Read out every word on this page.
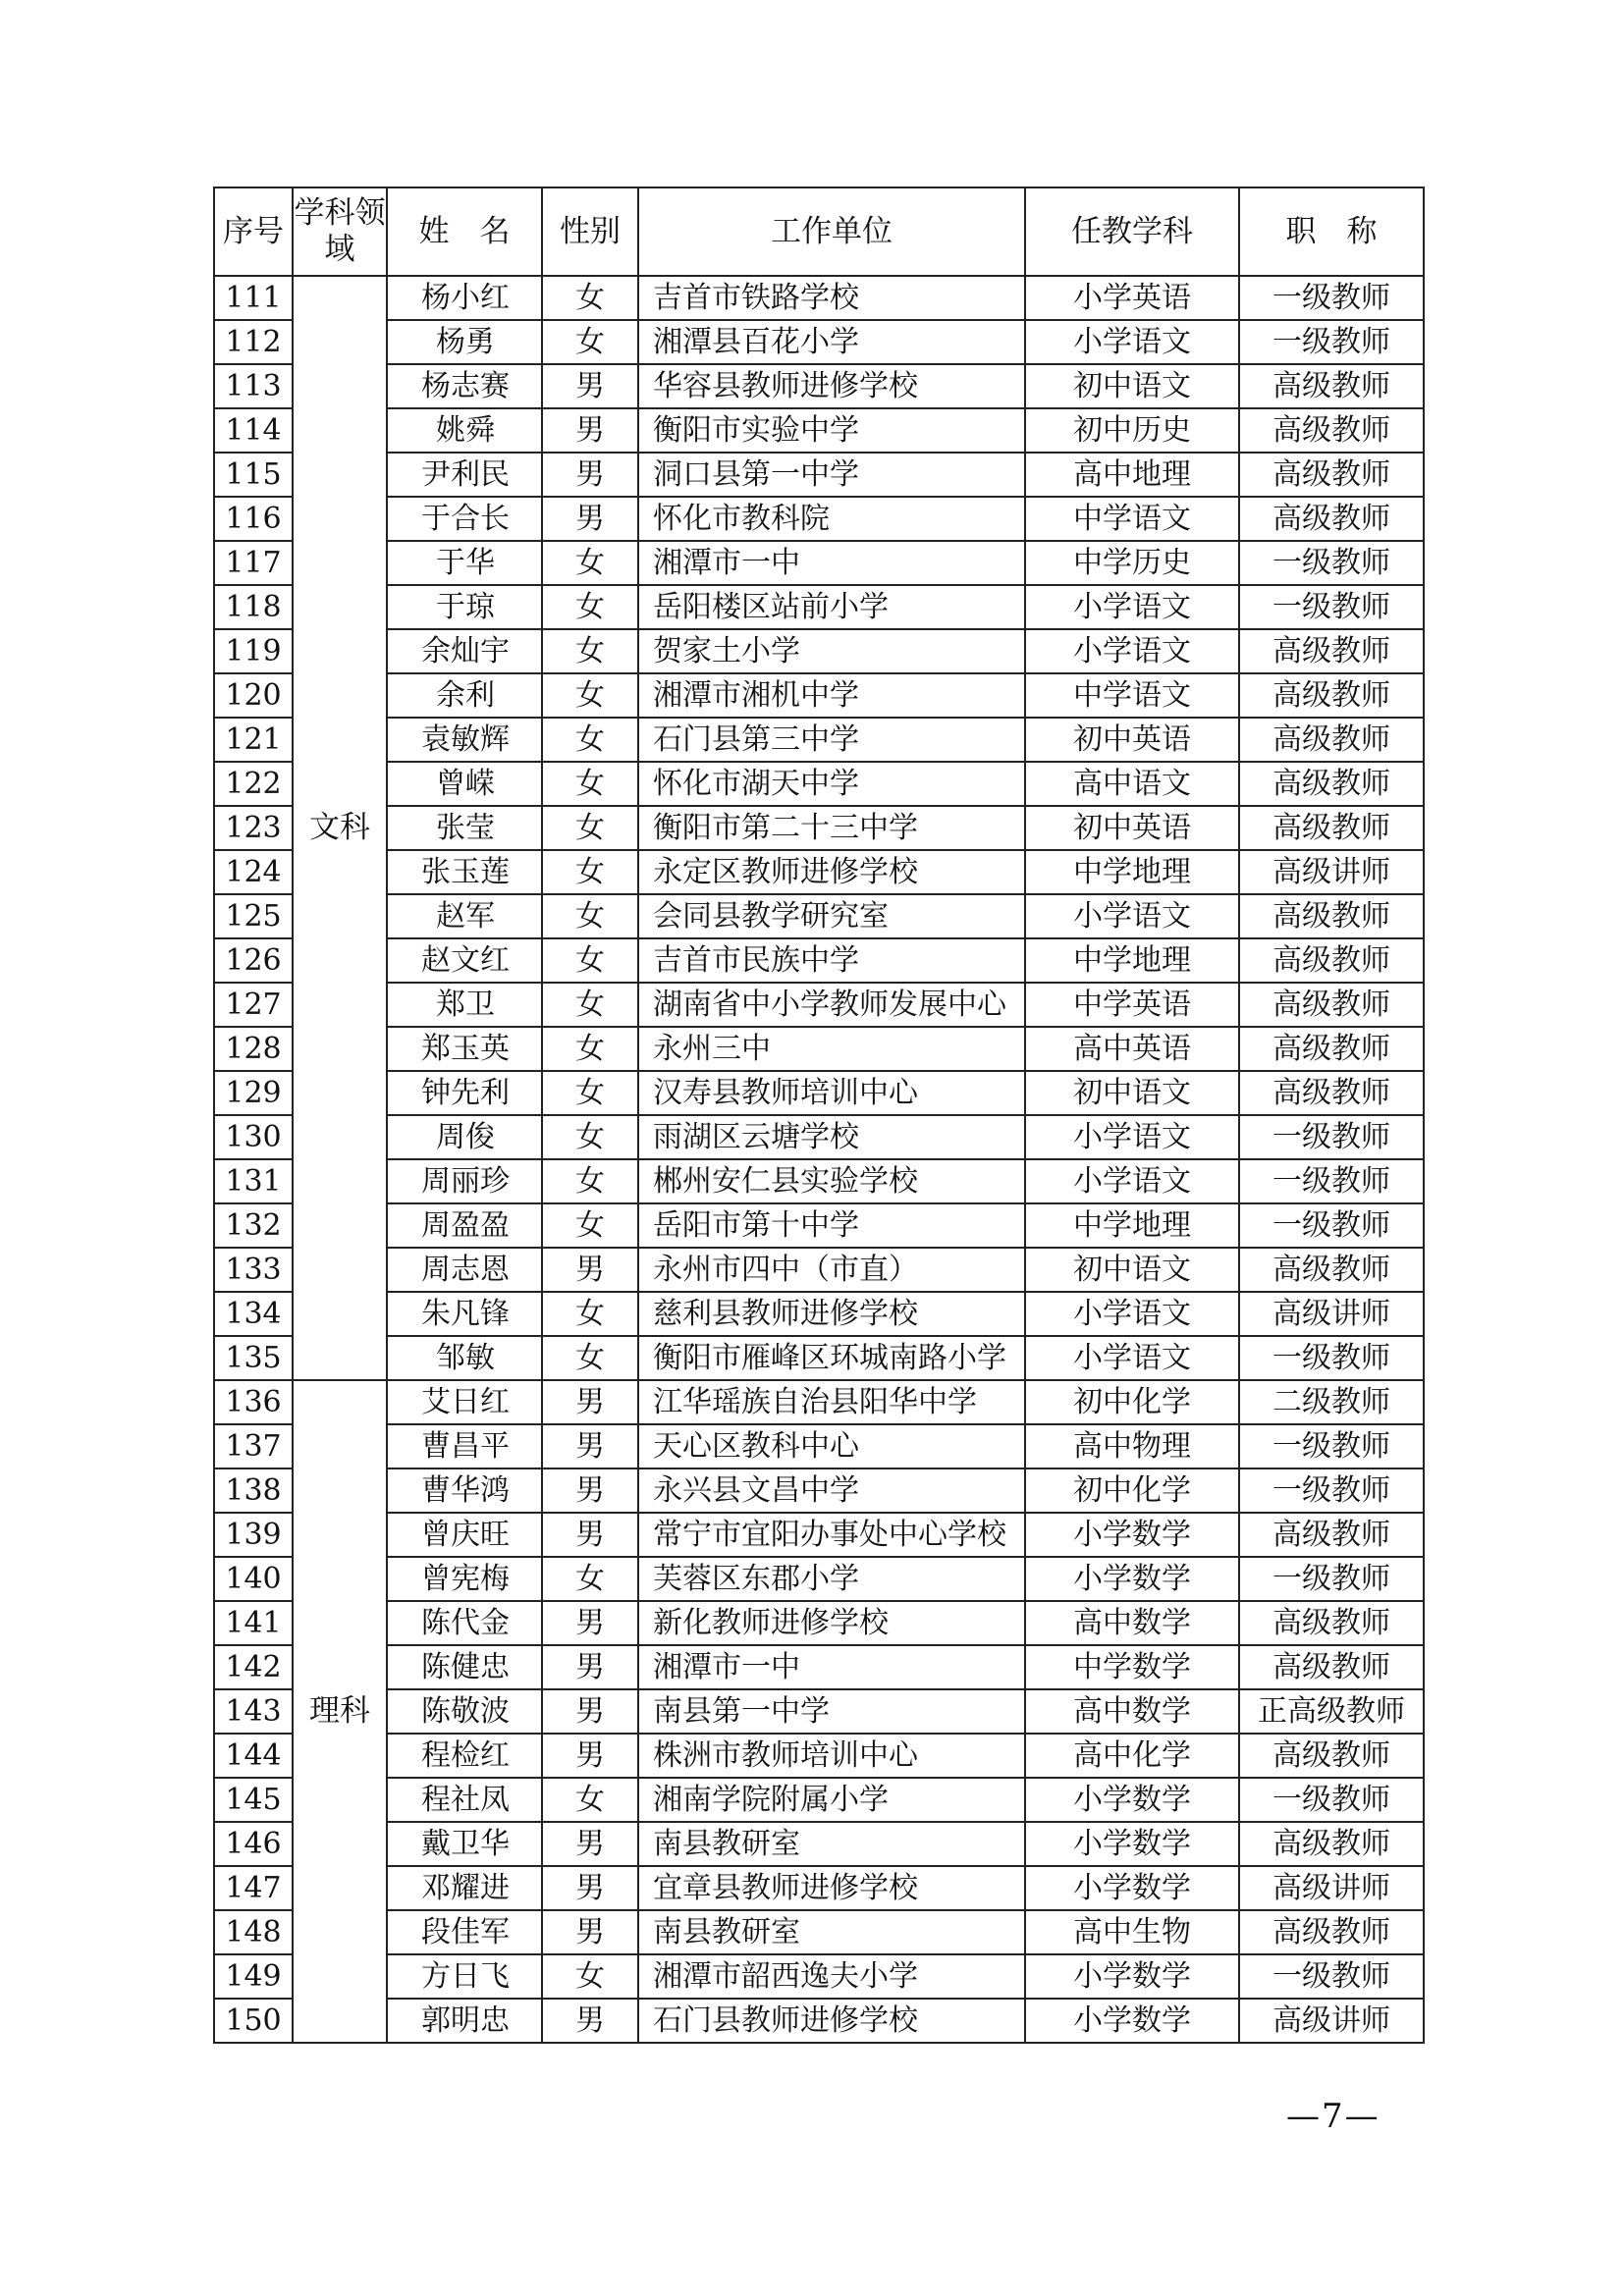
序号	学科领域	姓　名	性别	工作单位	任教学科	职　称
111	文科	杨小红	女	吉首市铁路学校	小学英语	一级教师
112		杨勇	女	湘潭县百花小学	小学语文	一级教师
113		杨志赛	男	华容县教师进修学校	初中语文	高级教师
114		姚舜	男	衡阳市实验中学	初中历史	高级教师
115		尹利民	男	洞口县第一中学	高中地理	高级教师
116		于合长	男	怀化市教科院	中学语文	高级教师
117		于华	女	湘潭市一中	中学历史	一级教师
118		于琼	女	岳阳楼区站前小学	小学语文	一级教师
119		余灿宇	女	贺家土小学	小学语文	高级教师
120		余利	女	湘潭市湘机中学	中学语文	高级教师
121		袁敏辉	女	石门县第三中学	初中英语	高级教师
122		曾嵘	女	怀化市湖天中学	高中语文	高级教师
123		张莹	女	衡阳市第二十三中学	初中英语	高级教师
124		张玉莲	女	永定区教师进修学校	中学地理	高级讲师
125		赵军	女	会同县教学研究室	小学语文	高级教师
126		赵文红	女	吉首市民族中学	中学地理	高级教师
127		郑卫	女	湖南省中小学教师发展中心	中学英语	高级教师
128		郑玉英	女	永州三中	高中英语	高级教师
129		钟先利	女	汉寿县教师培训中心	初中语文	高级教师
130		周俊	女	雨湖区云塘学校	小学语文	一级教师
131		周丽珍	女	郴州安仁县实验学校	小学语文	一级教师
132		周盈盈	女	岳阳市第十中学	中学地理	一级教师
133		周志恩	男	永州市四中（市直）	初中语文	高级教师
134		朱凡锋	女	慈利县教师进修学校	小学语文	高级讲师
135		邹敏	女	衡阳市雁峰区环城南路小学	小学语文	一级教师
136	理科	艾日红	男	江华瑶族自治县阳华中学	初中化学	二级教师
137		曹昌平	男	天心区教科中心	高中物理	一级教师
138		曹华鸿	男	永兴县文昌中学	初中化学	一级教师
139		曾庆旺	男	常宁市宜阳办事处中心学校	小学数学	高级教师
140		曾宪梅	女	芙蓉区东郡小学	小学数学	一级教师
141		陈代金	男	新化教师进修学校	高中数学	高级教师
142		陈健忠	男	湘潭市一中	中学数学	高级教师
143		陈敬波	男	南县第一中学	高中数学	正高级教师
144		程检红	男	株洲市教师培训中心	高中化学	高级教师
145		程社凤	女	湘南学院附属小学	小学数学	一级教师
146		戴卫华	男	南县教研室	小学数学	高级教师
147		邓耀进	男	宜章县教师进修学校	小学数学	高级讲师
148		段佳军	男	南县教研室	高中生物	高级教师
149		方日飞	女	湘潭市韶西逸夫小学	小学数学	一级教师
150		郭明忠	男	石门县教师进修学校	小学数学	高级讲师
—7—
